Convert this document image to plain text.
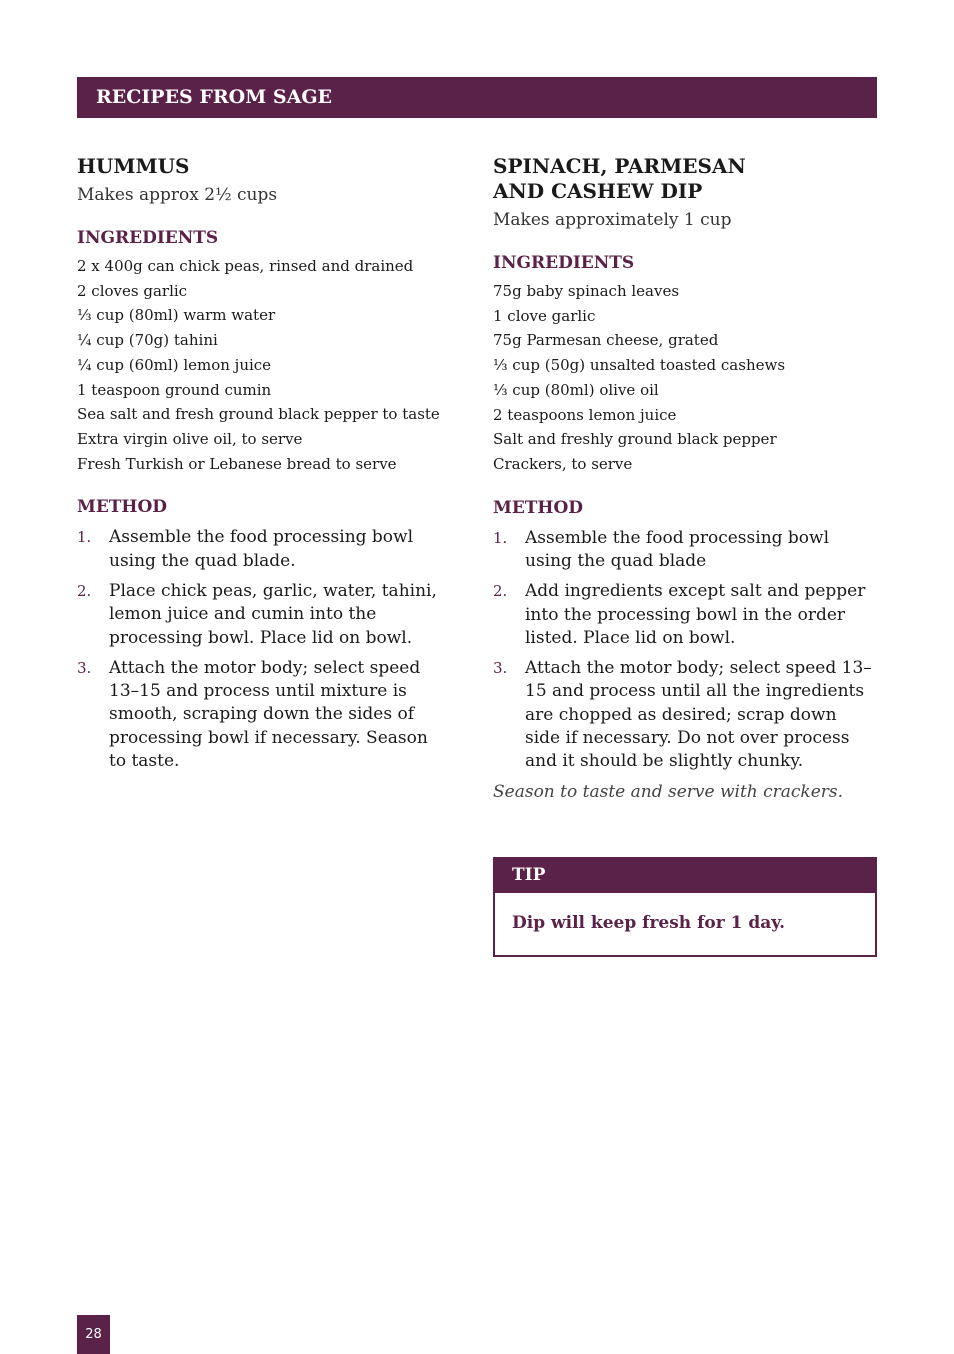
RECIPES FROM SAGE
HUMMUS

Makes approx 2½ cups

INGREDIENTS
2 x 400g can chick peas, rinsed and drained
2 cloves garlic
⅓ cup (80ml) warm water
¼ cup (70g) tahini
¼ cup (60ml) lemon juice
1 teaspoon ground cumin
Sea salt and fresh ground black pepper to taste
Extra virgin olive oil, to serve
Fresh Turkish or Lebanese bread to serve
METHOD
1. Assemble the food processing bowl using the quad blade.
2. Place chick peas, garlic, water, tahini, lemon juice and cumin into the processing bowl. Place lid on bowl.
3. Attach the motor body; select speed 13–15 and process until mixture is smooth, scraping down the sides of processing bowl if necessary. Season to taste.
SPINACH, PARMESAN AND CASHEW DIP

Makes approximately 1 cup

INGREDIENTS
75g baby spinach leaves
1 clove garlic
75g Parmesan cheese, grated
⅓ cup (50g) unsalted toasted cashews
⅓ cup (80ml) olive oil
2 teaspoons lemon juice
Salt and freshly ground black pepper
Crackers, to serve
METHOD
1. Assemble the food processing bowl using the quad blade
2. Add ingredients except salt and pepper into the processing bowl in the order listed. Place lid on bowl.
3. Attach the motor body; select speed 13–15 and process until all the ingredients are chopped as desired; scrap down side if necessary. Do not over process and it should be slightly chunky.

Season to taste and serve with crackers.

TIP
Dip will keep fresh for 1 day.
28
